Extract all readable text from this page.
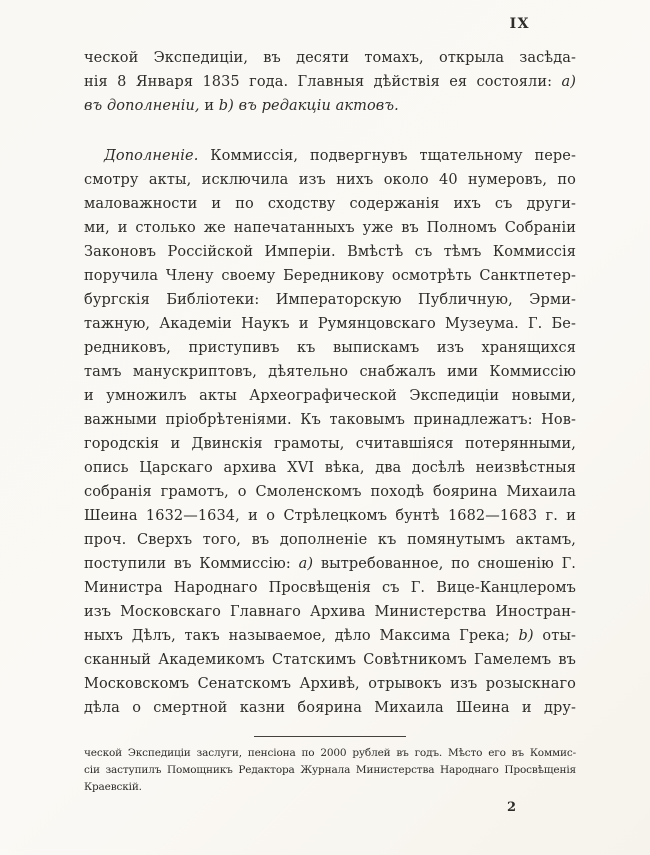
IX
ческой Экспедиціи, въ десяти томахъ, открыла засѣда-
нія 8 Января 1835 года. Главныя дѣйствія ея состояли: a)
въ дополненіи, и b) въ редакціи актовъ.
Дополненіе. Коммиссія, подвергнувъ тщательному пере-
смотру акты, исключила изъ нихъ около 40 нумеровъ, по
маловажности и по сходству содержанія ихъ съ други-
ми, и столько же напечатанныхъ уже въ Полномъ Собраніи
Законовъ Россійской Имперіи. Вмѣстѣ съ тѣмъ Коммиссія
поручила Члену своему Бередникову осмотрѣть Санктпетер-
бургскія Библіотеки: Императорскую Публичную, Эрми-
тажную, Академіи Наукъ и Румянцовскаго Музеума. Г. Бе-
редниковъ, приступивъ къ выпискамъ изъ хранящихся
тамъ манускриптовъ, дѣятельно снабжалъ ими Коммиссію
и умножилъ акты Археографической Экспедиціи новыми,
важными пріобрѣтеніями. Къ таковымъ принадлежатъ: Нов-
городскія и Двинскія грамоты, считавшіяся потерянными,
опись Царскаго архива XVI вѣка, два досѣлѣ неизвѣстныя
собранія грамотъ, о Смоленскомъ походѣ боярина Михаила
Шеина 1632—1634, и о Стрѣлецкомъ бунтѣ 1682—1683 г. и
проч. Сверхъ того, въ дополненіе къ помянутымъ актамъ,
поступили въ Коммиссію: a) вытребованное, по сношенію Г.
Министра Народнаго Просвѣщенія съ Г. Вице-Канцлеромъ
изъ Московскаго Главнаго Архива Министерства Иностран-
ныхъ Дѣлъ, такъ называемое, дѣло Максима Грека; b) оты-
сканный Академикомъ Статскимъ Совѣтникомъ Гамелемъ въ
Московскомъ Сенатскомъ Архивѣ, отрывокъ изъ розыскнаго
дѣла о смертной казни боярина Михаила Шеина и дру-
ческой Экспедиціи заслуги, пенсіона по 2000 рублей въ годъ. Мѣсто его въ Коммис-
сіи заступилъ Помощникъ Редактора Журнала Министерства Народнаго Просвѣщенія
Краевскій.
2
